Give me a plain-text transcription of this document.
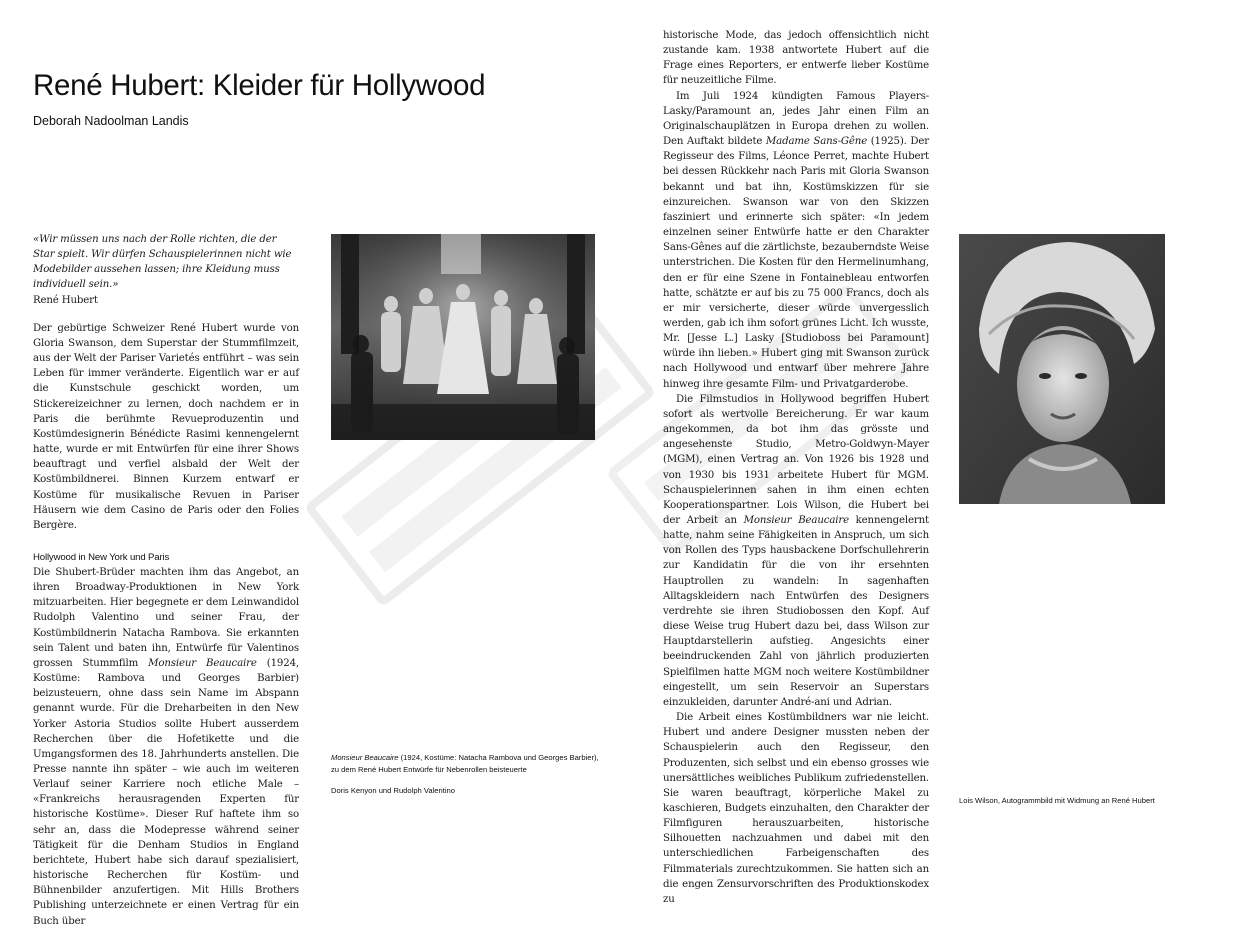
René Hubert: Kleider für Hollywood
Deborah Nadoolman Landis

«Wir müssen uns nach der Rolle richten, die der Star spielt. Wir dürfen Schauspielerinnen nicht wie Modebilder aussehen lassen; ihre Kleidung muss individuell sein.»

René Hubert

Der gebürtige Schweizer René Hubert wurde von Gloria Swanson, dem Superstar der Stummfilmzeit, aus der Welt der Pariser Varietés entführt – was sein Leben für immer veränderte. Eigentlich war er auf die Kunstschule geschickt worden, um Stickereizeichner zu lernen, doch nachdem er in Paris die berühmte Revueproduzentin und Kostümdesignerin Bénédicte Rasimi kennengelernt hatte, wurde er mit Entwürfen für eine ihrer Shows beauftragt und verfiel alsbald der Welt der Kostümbildnerei. Binnen Kurzem entwarf er Kostüme für musikalische Revuen in Pariser Häusern wie dem Casino de Paris oder den Folies Bergère.

Hollywood in New York und Paris

Die Shubert-Brüder machten ihm das Angebot, an ihren Broadway-Produktionen in New York mitzuarbeiten. Hier begegnete er dem Leinwandidol Rudolph Valentino und seiner Frau, der Kostümbildnerin Natacha Rambova. Sie erkannten sein Talent und baten ihn, Entwürfe für Valentinos grossen Stummfilm Monsieur Beaucaire (1924, Kostüme: Rambova und Georges Barbier) beizusteuern, ohne dass sein Name im Abspann genannt wurde. Für die Dreharbeiten in den New Yorker Astoria Studios sollte Hubert ausserdem Recherchen über die Hofetikette und die Umgangsformen des 18. Jahrhunderts anstellen. Die Presse nannte ihn später – wie auch im weiteren Verlauf seiner Karriere noch etliche Male – «Frankreichs herausragenden Experten für historische Kostüme». Dieser Ruf haftete ihm so sehr an, dass die Modepresse während seiner Tätigkeit für die Denham Studios in England berichtete, Hubert habe sich darauf spezialisiert, historische Recherchen für Kostüm- und Bühnenbilder anzufertigen. Mit Hills Brothers Publishing unterzeichnete er einen Vertrag für ein Buch über

Monsieur Beaucaire (1924, Kostüme: Natacha Rambova und Georges Barbier), zu dem René Hubert Entwürfe für Nebenrollen beisteuerte
Doris Kenyon und Rudolph Valentino

historische Mode, das jedoch offensichtlich nicht zustande kam. 1938 antwortete Hubert auf die Frage eines Reporters, er entwerfe lieber Kostüme für neuzeitliche Filme.

Im Juli 1924 kündigten Famous Players-Lasky/Paramount an, jedes Jahr einen Film an Originalschauplätzen in Europa drehen zu wollen. Den Auftakt bildete Madame Sans-Gêne (1925). Der Regisseur des Films, Léonce Perret, machte Hubert bei dessen Rückkehr nach Paris mit Gloria Swanson bekannt und bat ihn, Kostümskizzen für sie einzureichen. Swanson war von den Skizzen fasziniert und erinnerte sich später: «In jedem einzelnen seiner Entwürfe hatte er den Charakter Sans-Gênes auf die zärtlichste, bezauberndste Weise unterstrichen. Die Kosten für den Hermelinumhang, den er für eine Szene in Fontainebleau entworfen hatte, schätzte er auf bis zu 75 000 Francs, doch als er mir versicherte, dieser würde unvergesslich werden, gab ich ihm sofort grünes Licht. Ich wusste, Mr. [Jesse L.] Lasky [Studioboss bei Paramount] würde ihn lieben.» Hubert ging mit Swanson zurück nach Hollywood und entwarf über mehrere Jahre hinweg ihre gesamte Film- und Privatgarderobe.

Die Filmstudios in Hollywood begriffen Hubert sofort als wertvolle Bereicherung. Er war kaum angekommen, da bot ihm das grösste und angesehenste Studio, Metro-Goldwyn-Mayer (MGM), einen Vertrag an. Von 1926 bis 1928 und von 1930 bis 1931 arbeitete Hubert für MGM. Schauspielerinnen sahen in ihm einen echten Kooperationspartner. Lois Wilson, die Hubert bei der Arbeit an Monsieur Beaucaire kennengelernt hatte, nahm seine Fähigkeiten in Anspruch, um sich von Rollen des Typs hausbackene Dorfschullehrerin zur Kandidatin für die von ihr ersehnten Hauptrollen zu wandeln: In sagenhaften Alltagskleidern nach Entwürfen des Designers verdrehte sie ihren Studiobossen den Kopf. Auf diese Weise trug Hubert dazu bei, dass Wilson zur Hauptdarstellerin aufstieg. Angesichts einer beeindruckenden Zahl von jährlich produzierten Spielfilmen hatte MGM noch weitere Kostümbildner eingestellt, um sein Reservoir an Superstars einzukleiden, darunter André-ani und Adrian.

Die Arbeit eines Kostümbildners war nie leicht. Hubert und andere Designer mussten neben der Schauspielerin auch den Regisseur, den Produzenten, sich selbst und ein ebenso grosses wie unersättliches weibliches Publikum zufriedenstellen. Sie waren beauftragt, körperliche Makel zu kaschieren, Budgets einzuhalten, den Charakter der Filmfiguren herauszuarbeiten, historische Silhouetten nachzuahmen und dabei mit den unterschiedlichen Farbeigenschaften des Filmmaterials zurechtzukommen. Sie hatten sich an die engen Zensurvorschriften des Produktionskodex zu

Lois Wilson, Autogrammbild mit Widmung an René Hubert
